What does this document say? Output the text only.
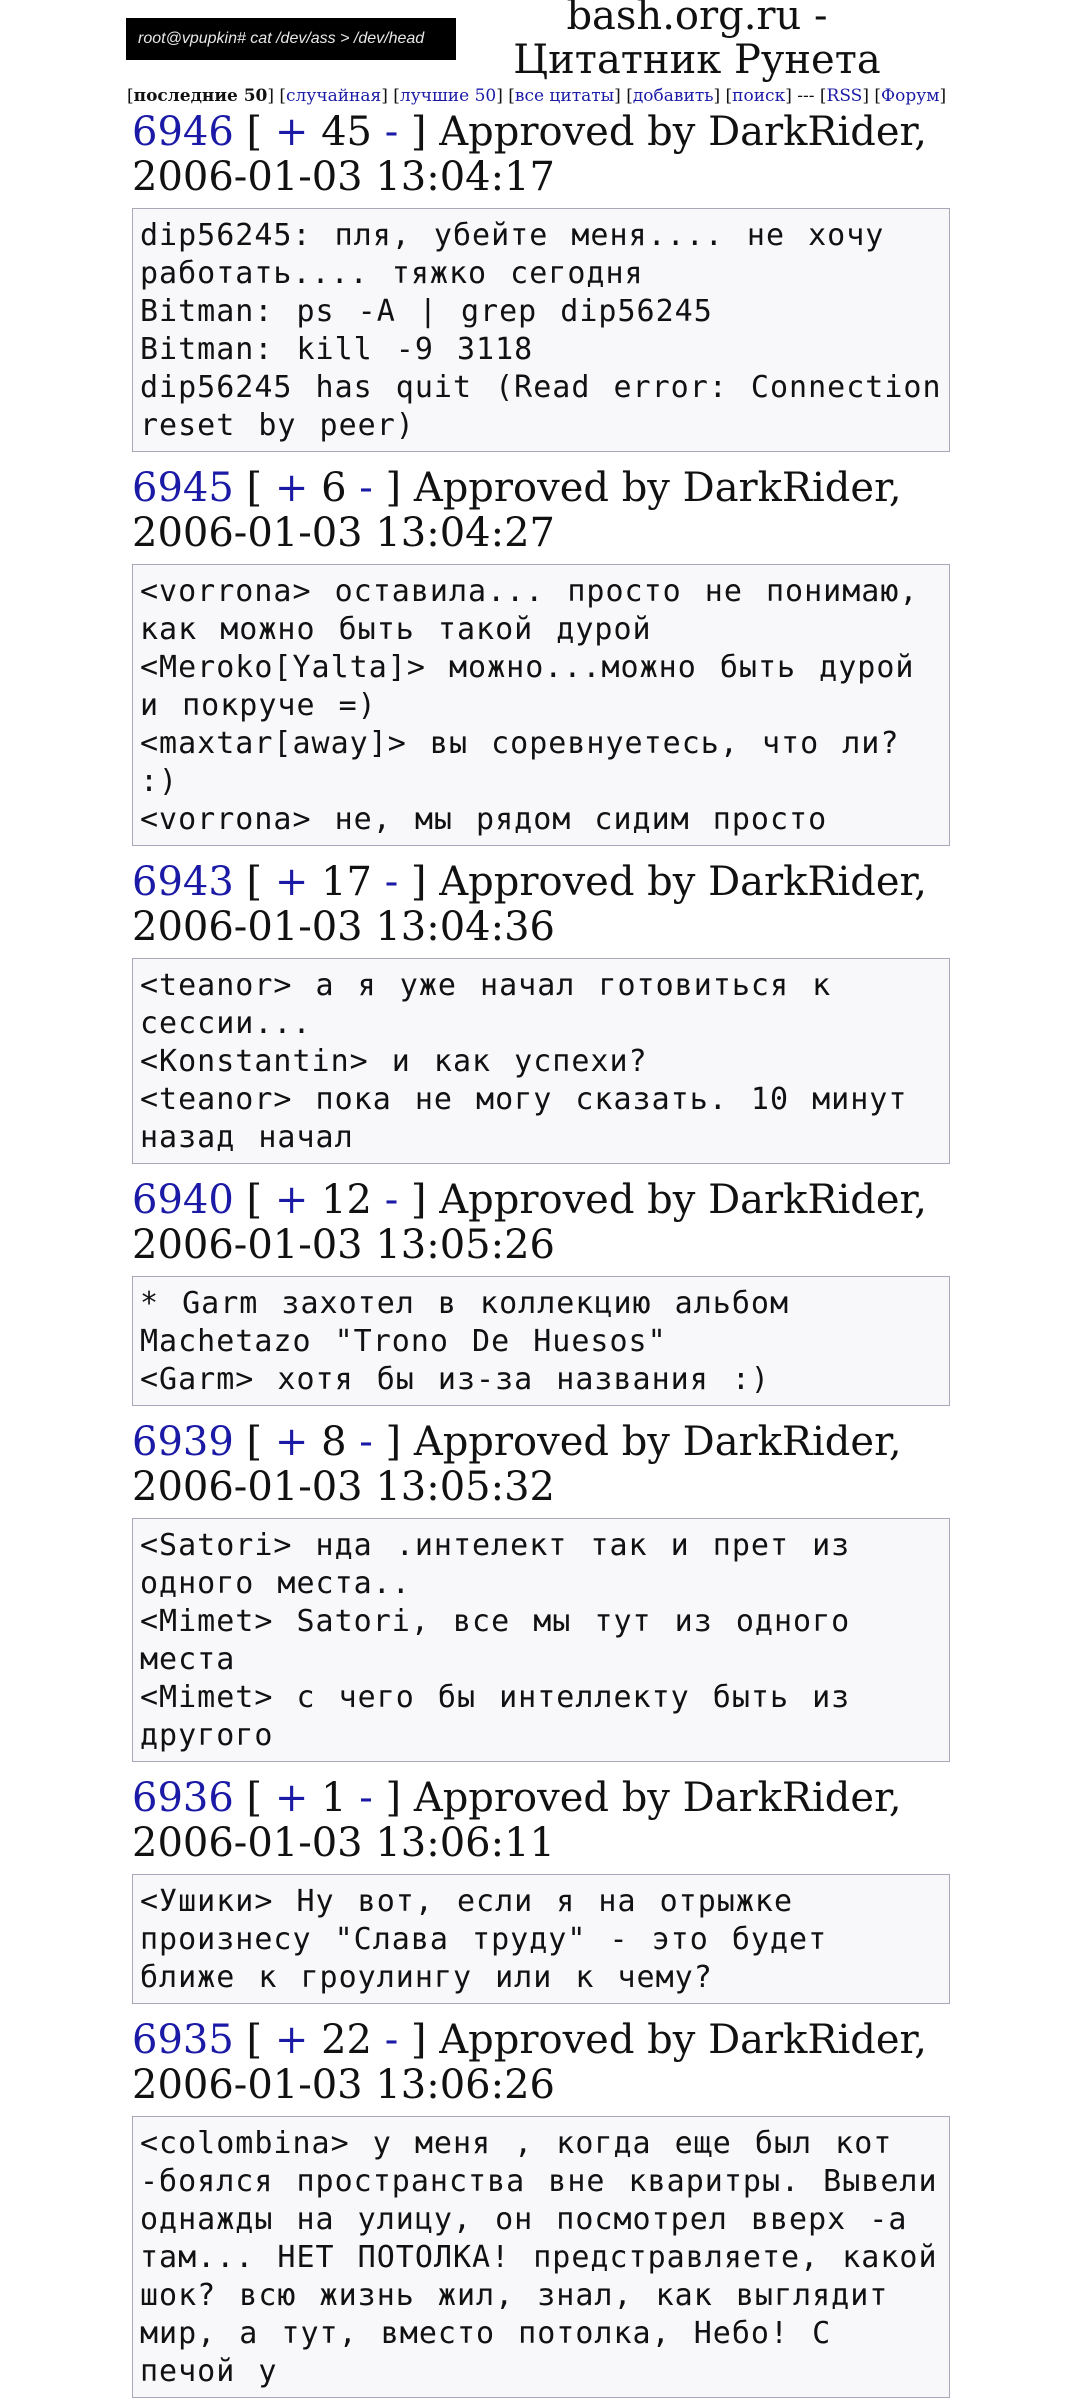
root@vpupkin# cat /dev/ass > /dev/head	bash.org.ru - Цитатник Рунета
[последние 50] [случайная] [лучшие 50] [все цитаты] [добавить] [поиск] --- [RSS] [Форум]
6946 [ + 45 - ] Approved by DarkRider, 2006-01-03 13:04:17
dip56245: пля, убейте меня.... не хочу работать.... тяжко сегодня
Bitman: ps -A | grep dip56245
Bitman: kill -9 3118
dip56245 has quit (Read error: Connection reset by peer)
6945 [ + 6 - ] Approved by DarkRider, 2006-01-03 13:04:27
<vorrona> оставила... просто не понимаю, как можно быть такой дурой
<Meroko[Yalta]> можно...можно быть дурой и покруче =)
<maxtar[away]> вы соревнуетесь, что ли? :)
<vorrona> не, мы рядом сидим просто
6943 [ + 17 - ] Approved by DarkRider, 2006-01-03 13:04:36
<teanor> а я уже начал готовиться к сессии...
<Konstantin> и как успехи?
<teanor> пока не могу сказать. 10 минут назад начал
6940 [ + 12 - ] Approved by DarkRider, 2006-01-03 13:05:26
* Garm захотел в коллекцию альбом Machetazo "Trono De Huesos"
<Garm> хотя бы из-за названия :)
6939 [ + 8 - ] Approved by DarkRider, 2006-01-03 13:05:32
<Satori> нда .интелект так и прет из одного места..
<Mimet> Satori, все мы тут из одного места
<Mimet> с чего бы интеллекту быть из другого
6936 [ + 1 - ] Approved by DarkRider, 2006-01-03 13:06:11
<Ушики> Ну вот, если я на отрыжке произнесу "Слава труду" - это будет ближе к гроулингу или к чему?
6935 [ + 22 - ] Approved by DarkRider, 2006-01-03 13:06:26
<colombina> у меня , когда еще был кот -боялся пространства вне кваритры. Вывели однажды на улицу, он посмотрел вверх -а там... НЕТ ПОТОЛКА! предстравляете, какой шок? всю жизнь жил, знал, как выглядит мир, а тут, вместо потолка, Небо! С печой у
